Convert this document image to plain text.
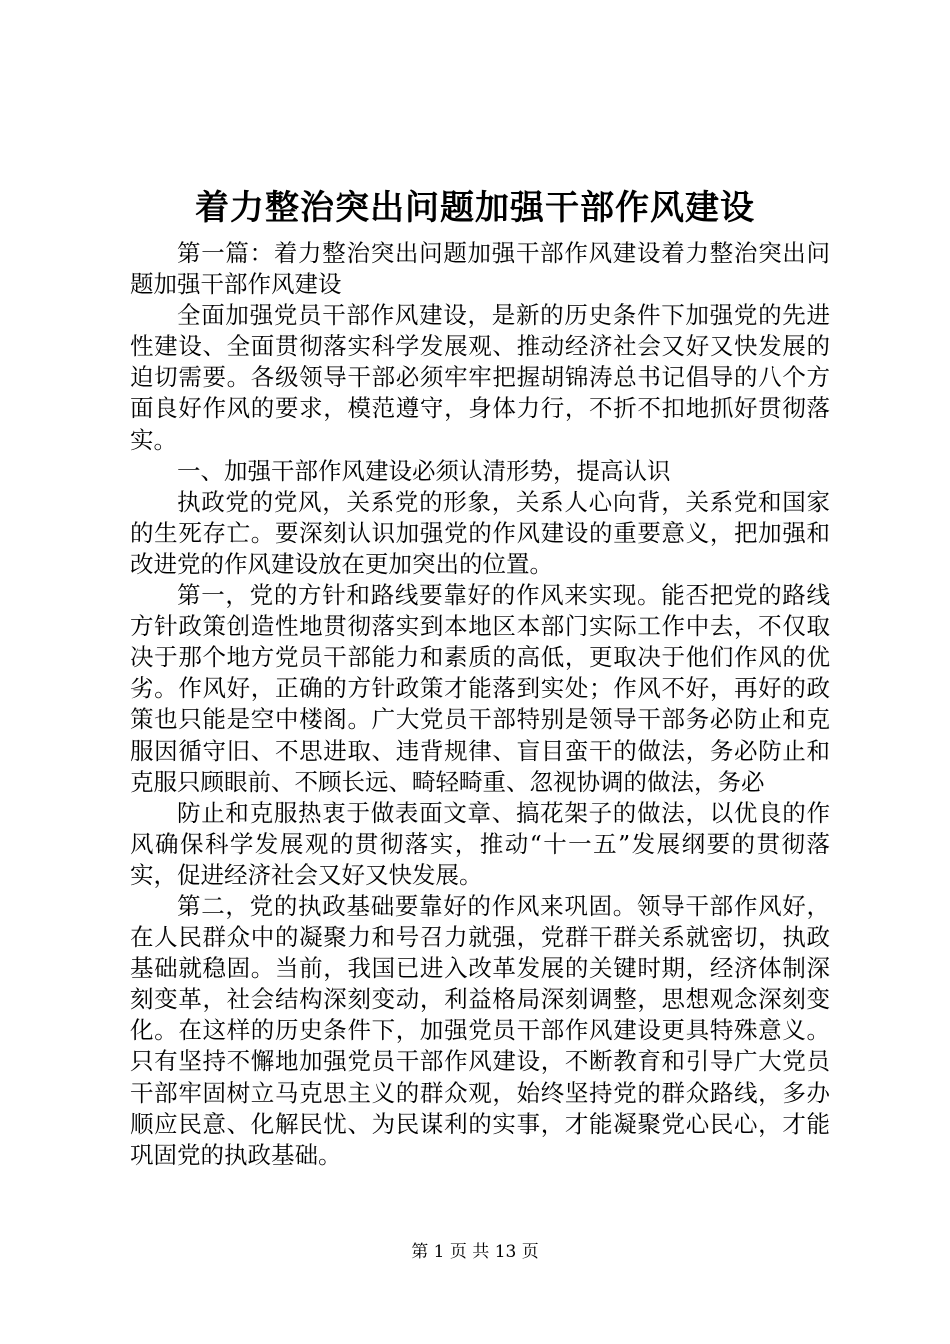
着力整治突出问题加强干部作风建设

第一篇：着力整治突出问题加强干部作风建设着力整治突出问题加强干部作风建设

全面加强党员干部作风建设，是新的历史条件下加强党的先进性建设、全面贯彻落实科学发展观、推动经济社会又好又快发展的迫切需要。各级领导干部必须牢牢把握胡锦涛总书记倡导的八个方面良好作风的要求，模范遵守，身体力行，不折不扣地抓好贯彻落实。

一、加强干部作风建设必须认清形势，提高认识

执政党的党风，关系党的形象，关系人心向背，关系党和国家的生死存亡。要深刻认识加强党的作风建设的重要意义，把加强和改进党的作风建设放在更加突出的位置。

第一，党的方针和路线要靠好的作风来实现。能否把党的路线方针政策创造性地贯彻落实到本地区本部门实际工作中去，不仅取决于那个地方党员干部能力和素质的高低，更取决于他们作风的优劣。作风好，正确的方针政策才能落到实处；作风不好，再好的政策也只能是空中楼阁。广大党员干部特别是领导干部务必防止和克服因循守旧、不思进取、违背规律、盲目蛮干的做法，务必防止和克服只顾眼前、不顾长远、畸轻畸重、忽视协调的做法，务必

防止和克服热衷于做表面文章、搞花架子的做法，以优良的作风确保科学发展观的贯彻落实，推动“十一五”发展纲要的贯彻落实，促进经济社会又好又快发展。

第二，党的执政基础要靠好的作风来巩固。领导干部作风好，在人民群众中的凝聚力和号召力就强，党群干群关系就密切，执政基础就稳固。当前，我国已进入改革发展的关键时期，经济体制深刻变革，社会结构深刻变动，利益格局深刻调整，思想观念深刻变化。在这样的历史条件下，加强党员干部作风建设更具特殊意义。只有坚持不懈地加强党员干部作风建设，不断教育和引导广大党员干部牢固树立马克思主义的群众观，始终坚持党的群众路线，多办顺应民意、化解民忧、为民谋利的实事，才能凝聚党心民心，才能巩固党的执政基础。

第 1 页 共 13 页
